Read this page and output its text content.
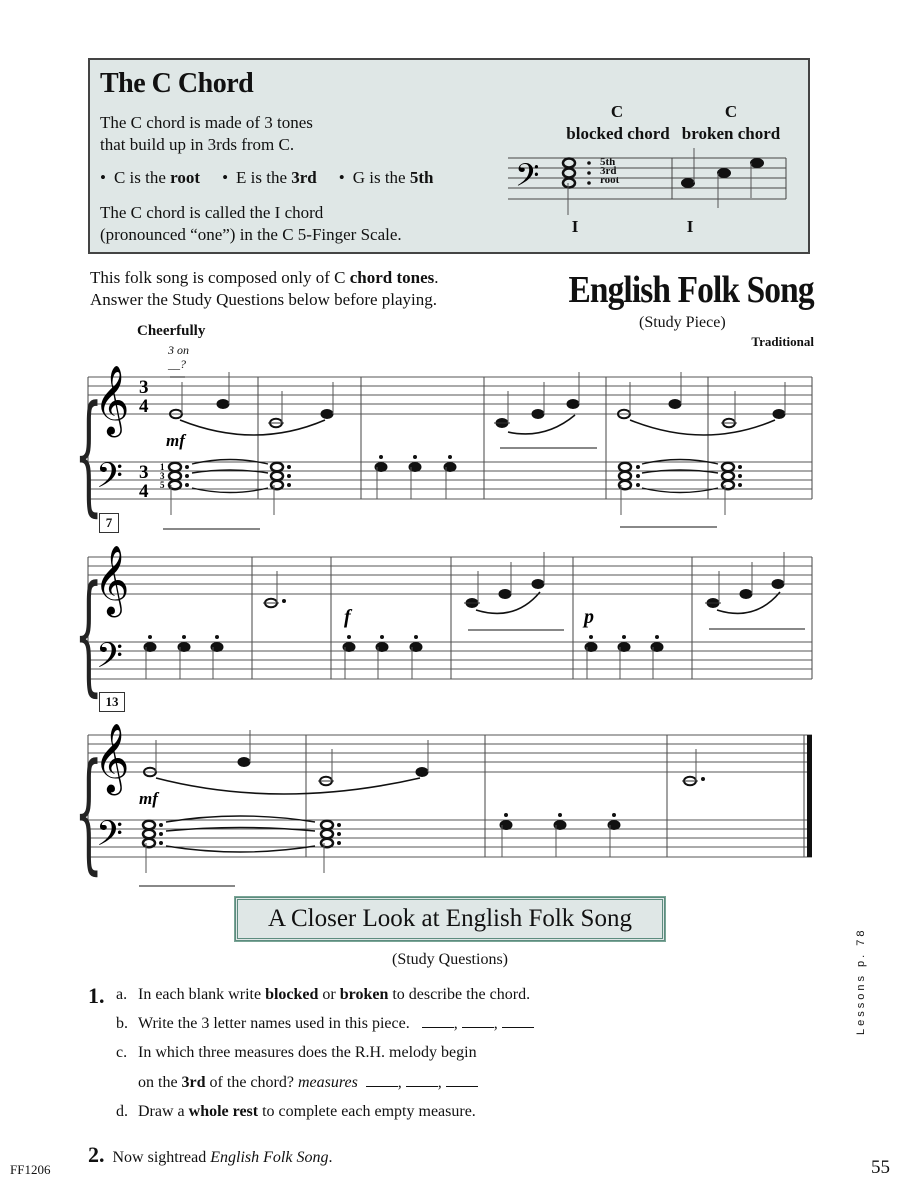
The C Chord
The C chord is made of 3 tones
that build up in 3rds from C.
• C is the root	• E is the 3rd	• G is the 5th
The C chord is called the I chord
(pronounced “one”) in the C 5-Finger Scale.
C
blocked chord
C
broken chord
I	I
5th
3rd
root
This folk song is composed only of C chord tones.
Answer the Study Questions below before playing.	English Folk Song
(Study Piece)
Traditional
Cheerfully
3 on
__?
7
13
𝄢
{
𝄞
𝄢
3
4
3
4
1
3
5
mf
{
𝄞
𝄢
f	p
{
𝄞
𝄢
mf
A Closer Look at English Folk Song
(Study Questions)
1. a. In each blank write blocked or broken to describe the chord.
b. Write the 3 letter names used in this piece.	, ,
c. In which three measures does the R.H. melody begin
on the 3rd of the chord? measures	, ,
d. Draw a whole rest to complete each empty measure.
2. Now sightread English Folk Song.
FF1206	55
Lessons p. 78
